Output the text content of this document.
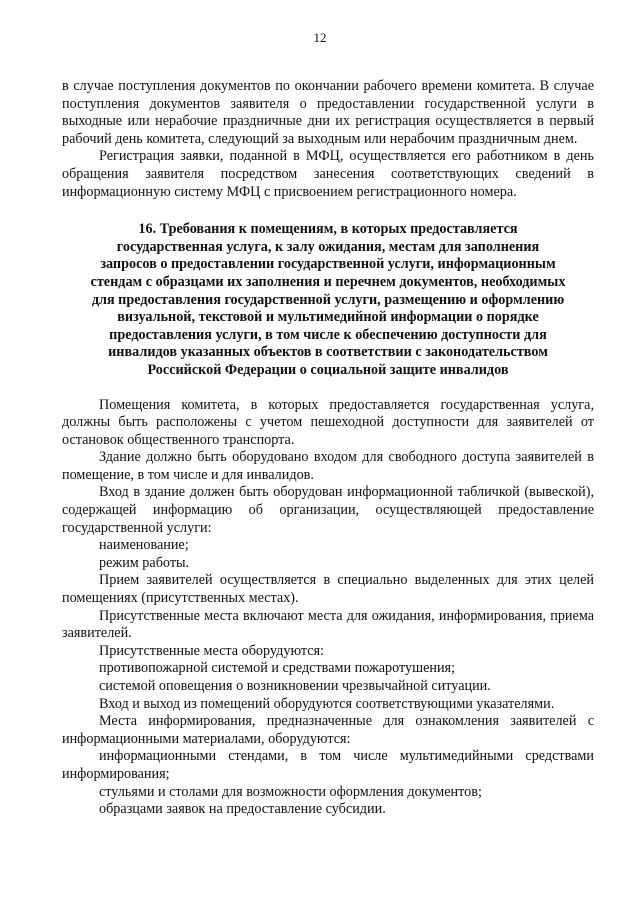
12

в случае поступления документов по окончании рабочего времени комитета. В случае поступления документов заявителя о предоставлении государственной услуги в выходные или нерабочие праздничные дни их регистрация осуществляется в первый рабочий день комитета, следующий за выходным или нерабочим праздничным днем.

Регистрация заявки, поданной в МФЦ, осуществляется его работником в день обращения заявителя посредством занесения соответствующих сведений в информационную систему МФЦ с присвоением регистрационного номера.

16. Требования к помещениям, в которых предоставляется
государственная услуга, к залу ожидания, местам для заполнения
запросов о предоставлении государственной услуги, информационным
стендам с образцами их заполнения и перечнем документов, необходимых
для предоставления государственной услуги, размещению и оформлению
визуальной, текстовой и мультимедийной информации о порядке
предоставления услуги, в том числе к обеспечению доступности для
инвалидов указанных объектов в соответствии с законодательством
Российской Федерации о социальной защите инвалидов

Помещения комитета, в которых предоставляется государственная услуга, должны быть расположены с учетом пешеходной доступности для заявителей от остановок общественного транспорта.

Здание должно быть оборудовано входом для свободного доступа заявителей в помещение, в том числе и для инвалидов.

Вход в здание должен быть оборудован информационной табличкой (вывеской), содержащей информацию об организации, осуществляющей предоставление государственной услуги:

наименование;

режим работы.

Прием заявителей осуществляется в специально выделенных для этих целей помещениях (присутственных местах).

Присутственные места включают места для ожидания, информирования, приема заявителей.

Присутственные места оборудуются:

противопожарной системой и средствами пожаротушения;

системой оповещения о возникновении чрезвычайной ситуации.

Вход и выход из помещений оборудуются соответствующими указателями.

Места информирования, предназначенные для ознакомления заявителей с информационными материалами, оборудуются:

информационными стендами, в том числе мультимедийными средствами информирования;

стульями и столами для возможности оформления документов;

образцами заявок на предоставление субсидии.
